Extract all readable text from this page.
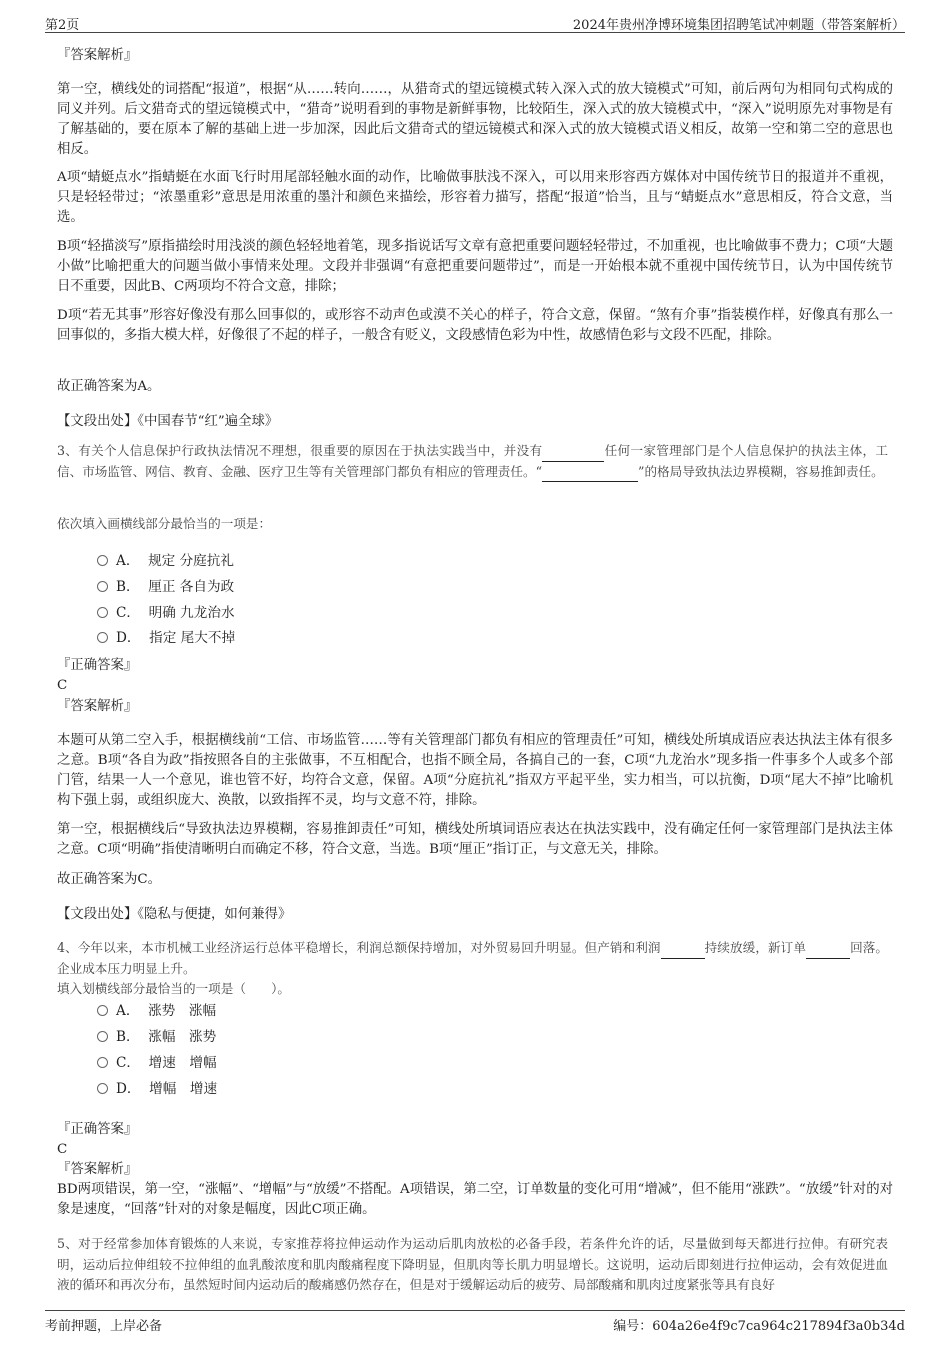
第2页	2024年贵州净博环境集团招聘笔试冲刺题（带答案解析）

『答案解析』

第一空，横线处的词搭配“报道”，根据“从……转向……，从猎奇式的望远镜模式转入深入式的放大镜模式”可知，前后两句为相同句式构成的同义并列。后文猎奇式的望远镜模式中，“猎奇”说明看到的事物是新鲜事物，比较陌生，深入式的放大镜模式中，“深入”说明原先对事物是有了解基础的，要在原本了解的基础上进一步加深，因此后文猎奇式的望远镜模式和深入式的放大镜模式语义相反，故第一空和第二空的意思也相反。

A项“蜻蜓点水”指蜻蜓在水面飞行时用尾部轻触水面的动作，比喻做事肤浅不深入，可以用来形容西方媒体对中国传统节日的报道并不重视，只是轻轻带过；“浓墨重彩”意思是用浓重的墨汁和颜色来描绘，形容着力描写，搭配“报道”恰当，且与“蜻蜓点水”意思相反，符合文意，当选。

B项“轻描淡写”原指描绘时用浅淡的颜色轻轻地着笔，现多指说话写文章有意把重要问题轻轻带过，不加重视，也比喻做事不费力；C项“大题小做”比喻把重大的问题当做小事情来处理。文段并非强调“有意把重要问题带过”，而是一开始根本就不重视中国传统节日，认为中国传统节日不重要，因此B、C两项均不符合文意，排除；

D项“若无其事”形容好像没有那么回事似的，或形容不动声色或漠不关心的样子，符合文意，保留。“煞有介事”指装模作样，好像真有那么一回事似的，多指大模大样，好像很了不起的样子，一般含有贬义，文段感情色彩为中性，故感情色彩与文段不匹配，排除。

故正确答案为A。

【文段出处】《中国春节“红”遍全球》

3、有关个人信息保护行政执法情况不理想，很重要的原因在于执法实践当中，并没有	任何一家管理部门是个人信息保护的执法主体，工信、市场监管、网信、教育、金融、医疗卫生等有关管理部门都负有相应的管理责任。“	”的格局导致执法边界模糊，容易推卸责任。

依次填入画横线部分最恰当的一项是：

A． 规定 分庭抗礼
B． 厘正 各自为政
C． 明确 九龙治水
D． 指定 尾大不掉

『正确答案』

C

『答案解析』

本题可从第二空入手，根据横线前“工信、市场监管……等有关管理部门都负有相应的管理责任”可知，横线处所填成语应表达执法主体有很多之意。B项“各自为政”指按照各自的主张做事，不互相配合，也指不顾全局，各搞自己的一套，C项“九龙治水”现多指一件事多个人或多个部门管，结果一人一个意见，谁也管不好，均符合文意，保留。A项“分庭抗礼”指双方平起平坐，实力相当，可以抗衡，D项“尾大不掉”比喻机构下强上弱，或组织庞大、涣散，以致指挥不灵，均与文意不符，排除。

第一空，根据横线后“导致执法边界模糊，容易推卸责任”可知，横线处所填词语应表达在执法实践中，没有确定任何一家管理部门是执法主体之意。C项“明确”指使清晰明白而确定不移，符合文意，当选。B项“厘正”指订正，与文意无关，排除。

故正确答案为C。

【文段出处】《隐私与便捷，如何兼得》

4、今年以来，本市机械工业经济运行总体平稳增长，利润总额保持增加，对外贸易回升明显。但产销和利润	持续放缓，新订单	回落。企业成本压力明显上升。

填入划横线部分最恰当的一项是（　　）。

A． 涨势　涨幅
B． 涨幅　涨势
C． 增速　增幅
D． 增幅　增速

『正确答案』

C

『答案解析』

BD两项错误，第一空，“涨幅”、“增幅”与“放缓”不搭配。A项错误，第二空，订单数量的变化可用“增减”，但不能用“涨跌”。“放缓”针对的对象是速度，“回落”针对的对象是幅度，因此C项正确。

5、对于经常参加体育锻炼的人来说，专家推荐将拉伸运动作为运动后肌肉放松的必备手段，若条件允许的话，尽量做到每天都进行拉伸。有研究表明，运动后拉伸组较不拉伸组的血乳酸浓度和肌肉酸痛程度下降明显，但肌肉等长肌力明显增长。这说明，运动后即刻进行拉伸运动，会有效促进血液的循环和再次分布，虽然短时间内运动后的酸痛感仍然存在，但是对于缓解运动后的疲劳、局部酸痛和肌肉过度紧张等具有良好

考前押题，上岸必备	编号：604a26e4f9c7ca964c217894f3a0b34d
